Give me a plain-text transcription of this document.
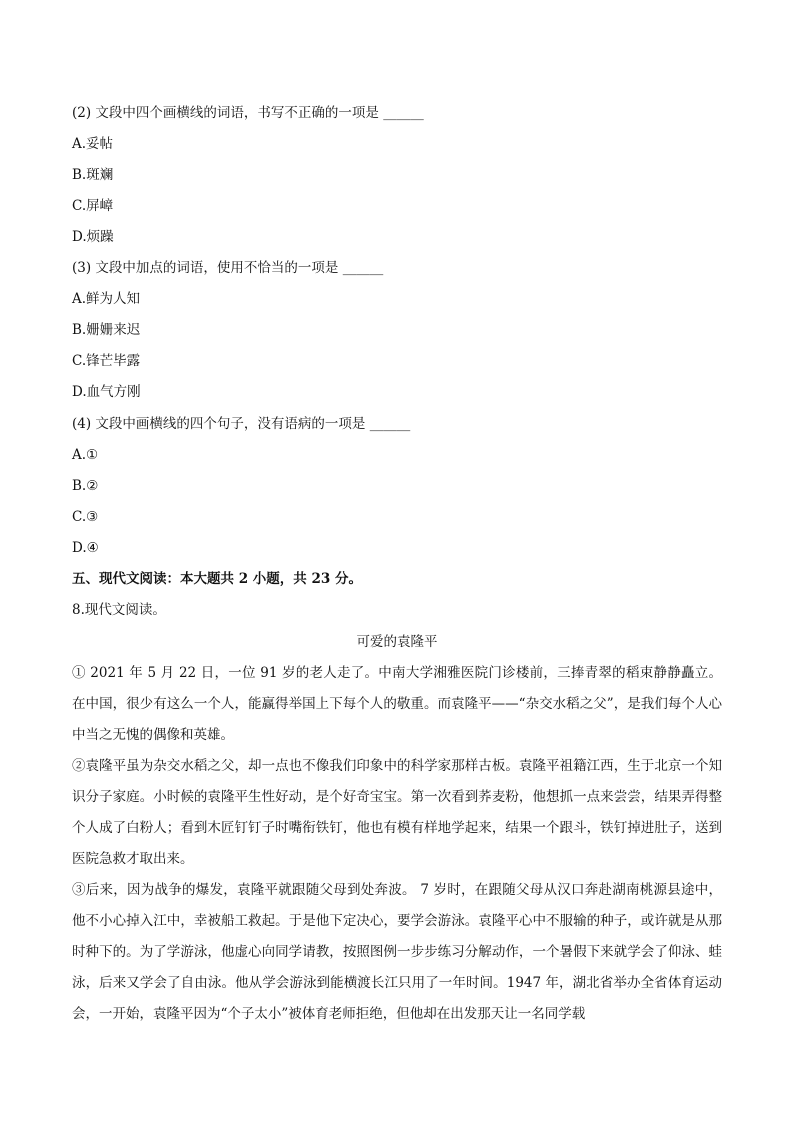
(2) 文段中四个画横线的词语，书写不正确的一项是 ______
A.妥帖
B.斑斓
C.屏嶂
D.烦躁
(3) 文段中加点的词语，使用不恰当的一项是 ______
A.鲜为人知
B.姗姗来迟
C.锋芒毕露
D.血气方刚
(4) 文段中画横线的四个句子，没有语病的一项是 ______
A.①
B.②
C.③
D.④
五、现代文阅读：本大题共 2 小题，共 23 分。
8.现代文阅读。
可爱的袁隆平
① 2021 年 5 月 22 日，一位 91 岁的老人走了。中南大学湘雅医院门诊楼前，三捧青翠的稻束静静矗立。在中国，很少有这么一个人，能赢得举国上下每个人的敬重。而袁隆平——“杂交水稻之父”，是我们每个人心中当之无愧的偶像和英雄。
②袁隆平虽为杂交水稻之父，却一点也不像我们印象中的科学家那样古板。袁隆平祖籍江西，生于北京一个知识分子家庭。小时候的袁隆平生性好动，是个好奇宝宝。第一次看到荞麦粉，他想抓一点来尝尝，结果弄得整个人成了白粉人；看到木匠钉钉子时嘴衔铁钉，他也有模有样地学起来，结果一个跟斗，铁钉掉进肚子，送到医院急救才取出来。
③后来，因为战争的爆发，袁隆平就跟随父母到处奔波。 7 岁时，在跟随父母从汉口奔赴湖南桃源县途中，他不小心掉入江中，幸被船工救起。于是他下定决心，要学会游泳。袁隆平心中不服输的种子，或许就是从那时种下的。为了学游泳，他虚心向同学请教，按照图例一步步练习分解动作，一个暑假下来就学会了仰泳、蛙泳，后来又学会了自由泳。他从学会游泳到能横渡长江只用了一年时间。1947 年，湖北省举办全省体育运动会，一开始，袁隆平因为“个子太小”被体育老师拒绝，但他却在出发那天让一名同学载
